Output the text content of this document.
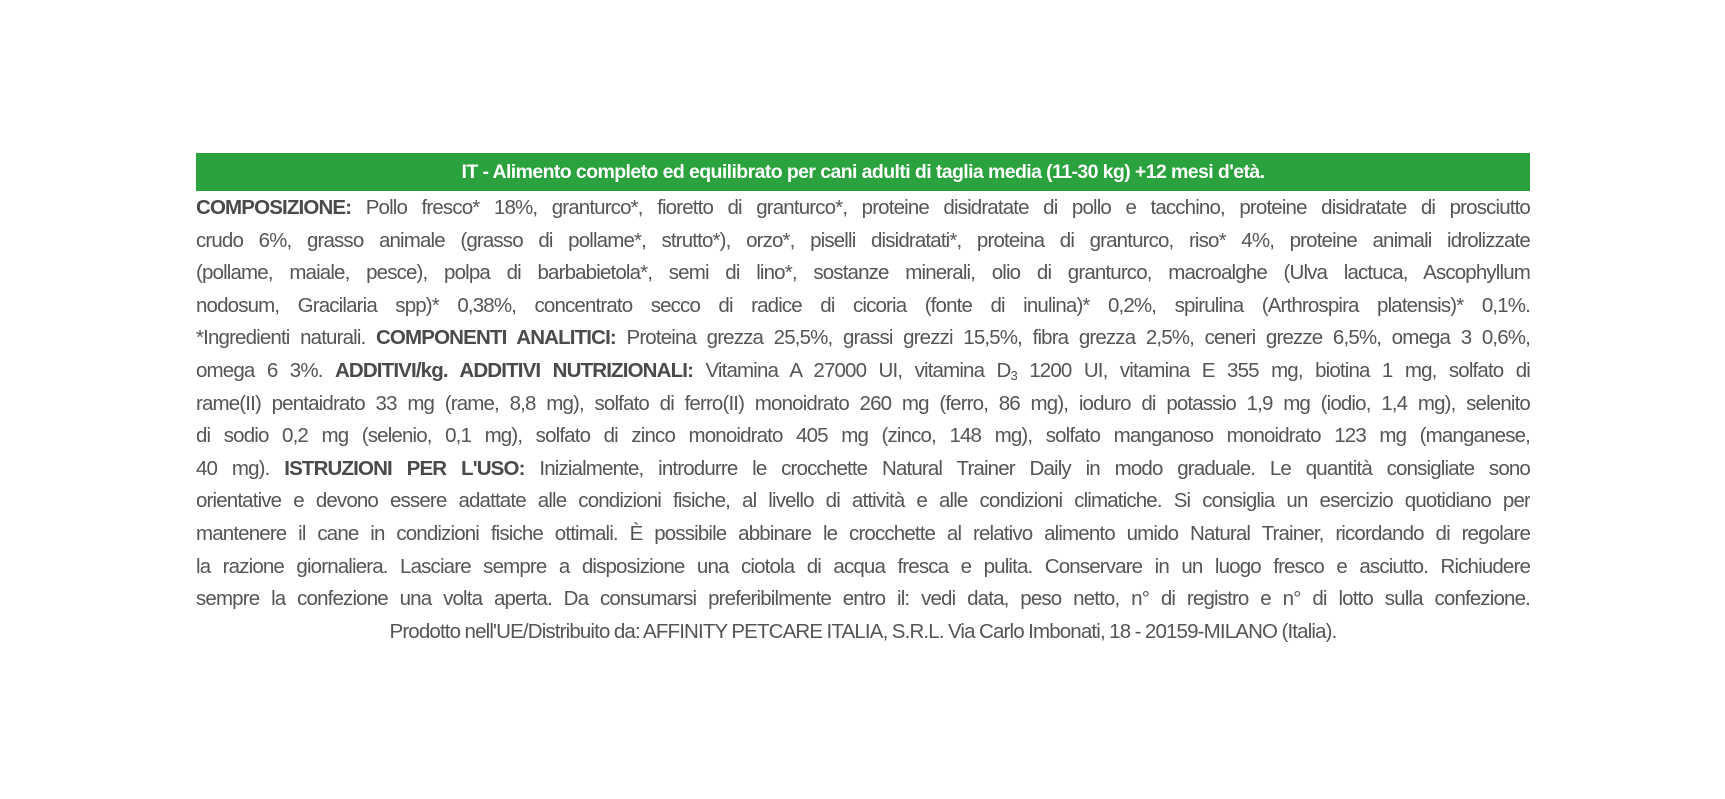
IT - Alimento completo ed equilibrato per cani adulti di taglia media (11-30 kg) +12 mesi d'età.
COMPOSIZIONE: Pollo fresco* 18%, granturco*, fioretto di granturco*, proteine disidratate di pollo e tacchino, proteine disidratate di prosciutto
crudo 6%, grasso animale (grasso di pollame*, strutto*), orzo*, piselli disidratati*, proteina di granturco, riso* 4%, proteine animali idrolizzate
(pollame, maiale, pesce), polpa di barbabietola*, semi di lino*, sostanze minerali, olio di granturco, macroalghe (Ulva lactuca, Ascophyllum
nodosum, Gracilaria spp)* 0,38%, concentrato secco di radice di cicoria (fonte di inulina)* 0,2%, spirulina (Arthrospira platensis)* 0,1%.
*Ingredienti naturali. COMPONENTI ANALITICI: Proteina grezza 25,5%, grassi grezzi 15,5%, fibra grezza 2,5%, ceneri grezze 6,5%, omega 3 0,6%,
omega 6 3%. ADDITIVI/kg. ADDITIVI NUTRIZIONALI: Vitamina A 27000 UI, vitamina $D_3$ 1200 UI, vitamina E 355 mg, biotina 1 mg, solfato di
rame(II) pentaidrato 33 mg (rame, 8,8 mg), solfato di ferro(II) monoidrato 260 mg (ferro, 86 mg), ioduro di potassio 1,9 mg (iodio, 1,4 mg), selenito
di sodio 0,2 mg (selenio, 0,1 mg), solfato di zinco monoidrato 405 mg (zinco, 148 mg), solfato manganoso monoidrato 123 mg (manganese,
40 mg). ISTRUZIONI PER L'USO: Inizialmente, introdurre le crocchette Natural Trainer Daily in modo graduale. Le quantità consigliate sono
orientative e devono essere adattate alle condizioni fisiche, al livello di attività e alle condizioni climatiche. Si consiglia un esercizio quotidiano per
mantenere il cane in condizioni fisiche ottimali. È possibile abbinare le crocchette al relativo alimento umido Natural Trainer, ricordando di regolare
la razione giornaliera. Lasciare sempre a disposizione una ciotola di acqua fresca e pulita. Conservare in un luogo fresco e asciutto. Richiudere
sempre la confezione una volta aperta. Da consumarsi preferibilmente entro il: vedi data, peso netto, n° di registro e n° di lotto sulla confezione.
Prodotto nell'UE/Distribuito da: AFFINITY PETCARE ITALIA, S.R.L. Via Carlo Imbonati, 18 - 20159-MILANO (Italia).
